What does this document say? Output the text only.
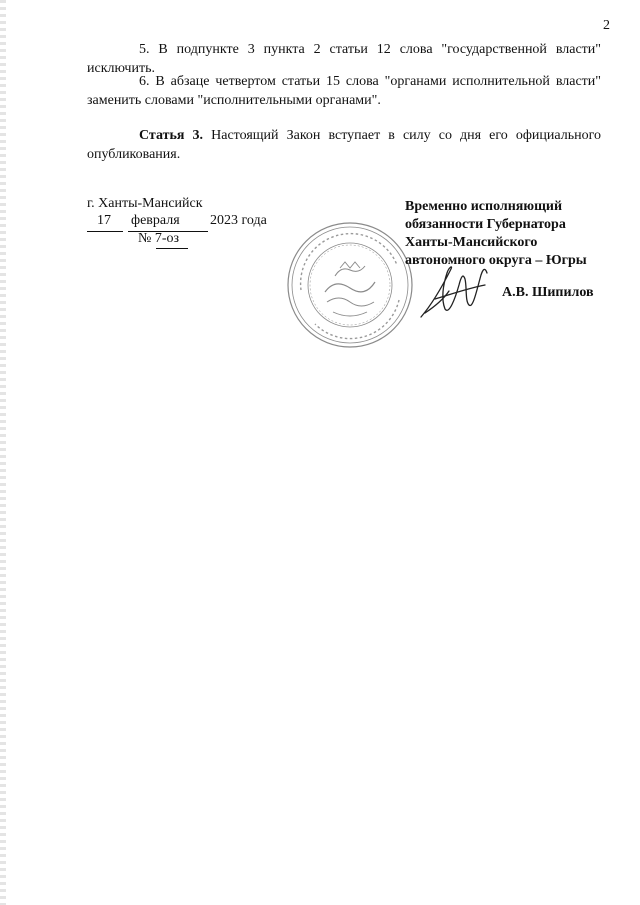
2
5. В подпункте 3 пункта 2 статьи 12 слова "государственной власти" исключить.
6. В абзаце четвертом статьи 15 слова "органами исполнительной власти" заменить словами "исполнительными органами".
Статья 3. Настоящий Закон вступает в силу со дня его официального опубликования.
г. Ханты-Мансийск
17 февраля 2023 года
№ 7-оз
Временно исполняющий
обязанности Губернатора
Ханты-Мансийского
автономного округа – Югры
А.В. Шипилов
